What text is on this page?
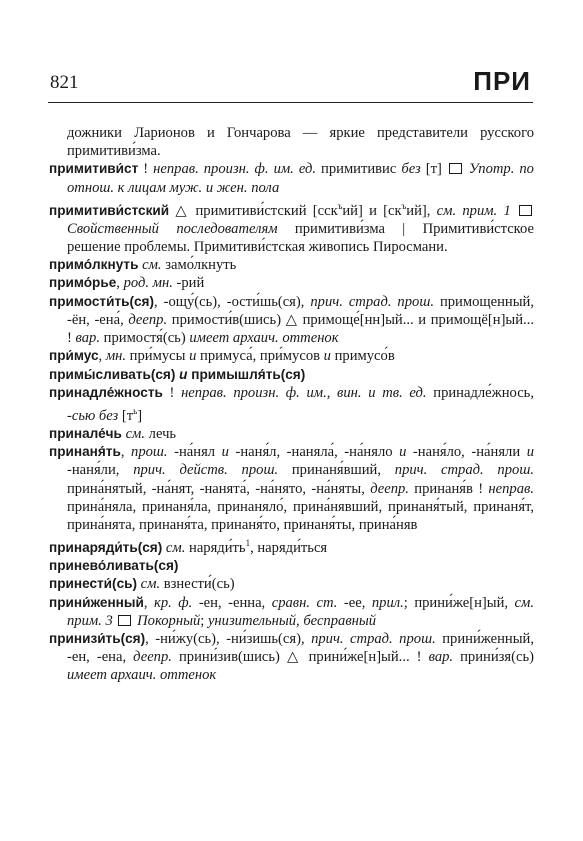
821	ПРИ

дожники Ларионов и Гончарова — яркие представители русского примитиви́зма.

примитиви́ст ! неправ. произн. ф. им. ед. примитивис без [т]  Употр. по отнош. к лицам муж. и жен. пола

примитиви́стский △ примитиви́стский [сск$^ъ$ий] и $[ск^ъий]$, см. прим. 1  Свойственный последователям примитиви́зма | Примитиви́стское решение проблемы. Примитиви́стская живопись Пиросмани.

примо́лкнуть см. замо́лкнуть

примо́рье, род. мн. -рий

примости́ть(ся), -ощу́(сь), -ости́шь(ся), прич. страд. прош. примощенный, -ён, -ена́, деепр. примости́в(шись) △ примоще́[нн]ый... и примощё[н]ый... ! вар. примостя́(сь) имеет архаич. оттенок

при́мус, мн. при́мусы и примуса́, при́мусов и примусо́в

примы́сливать(ся) и примышля́ть(ся)

принадле́жность ! неправ. произн. ф. им., вин. и тв. ед. принадле́жнось, -сью без $[т^ь]$

принале́чь см. лечь

принаня́ть, прош. -на́нял и -наня́л, -наняла́, -на́няло и -наня́ло, -на́няли и -наня́ли, прич. действ. прош. принаня́вший, прич. страд. прош. прина́нятый, -на́нят, -нанята́, -на́нято, -на́няты, деепр. принаня́в ! неправ. прина́няла, принаня́ла, принаняло́, прина́нявший, принаня́тый, принаня́т, прина́нята, принаня́та, принаня́то, принаня́ты, прина́няв

принаряди́ть(ся) см. $наряди́ть^1$, наряди́ться

принево́ливать(ся)

принести́(сь) см. взнести́(сь)

прини́женный, кр. ф. -ен, -енна, сравн. ст. -ее, прил.; прини́же[н]ый, см. прим. 3 Покорный; унизительный, бесправный

принизи́ть(ся), -ни́жу(сь), -ни́зишь(ся), прич. страд. прош. прини́женный, -ен, -ена, деепр. прини́зив(шись) △ прини́же[н]ый... ! вар. прини́зя(сь) имеет архаич. оттенок
